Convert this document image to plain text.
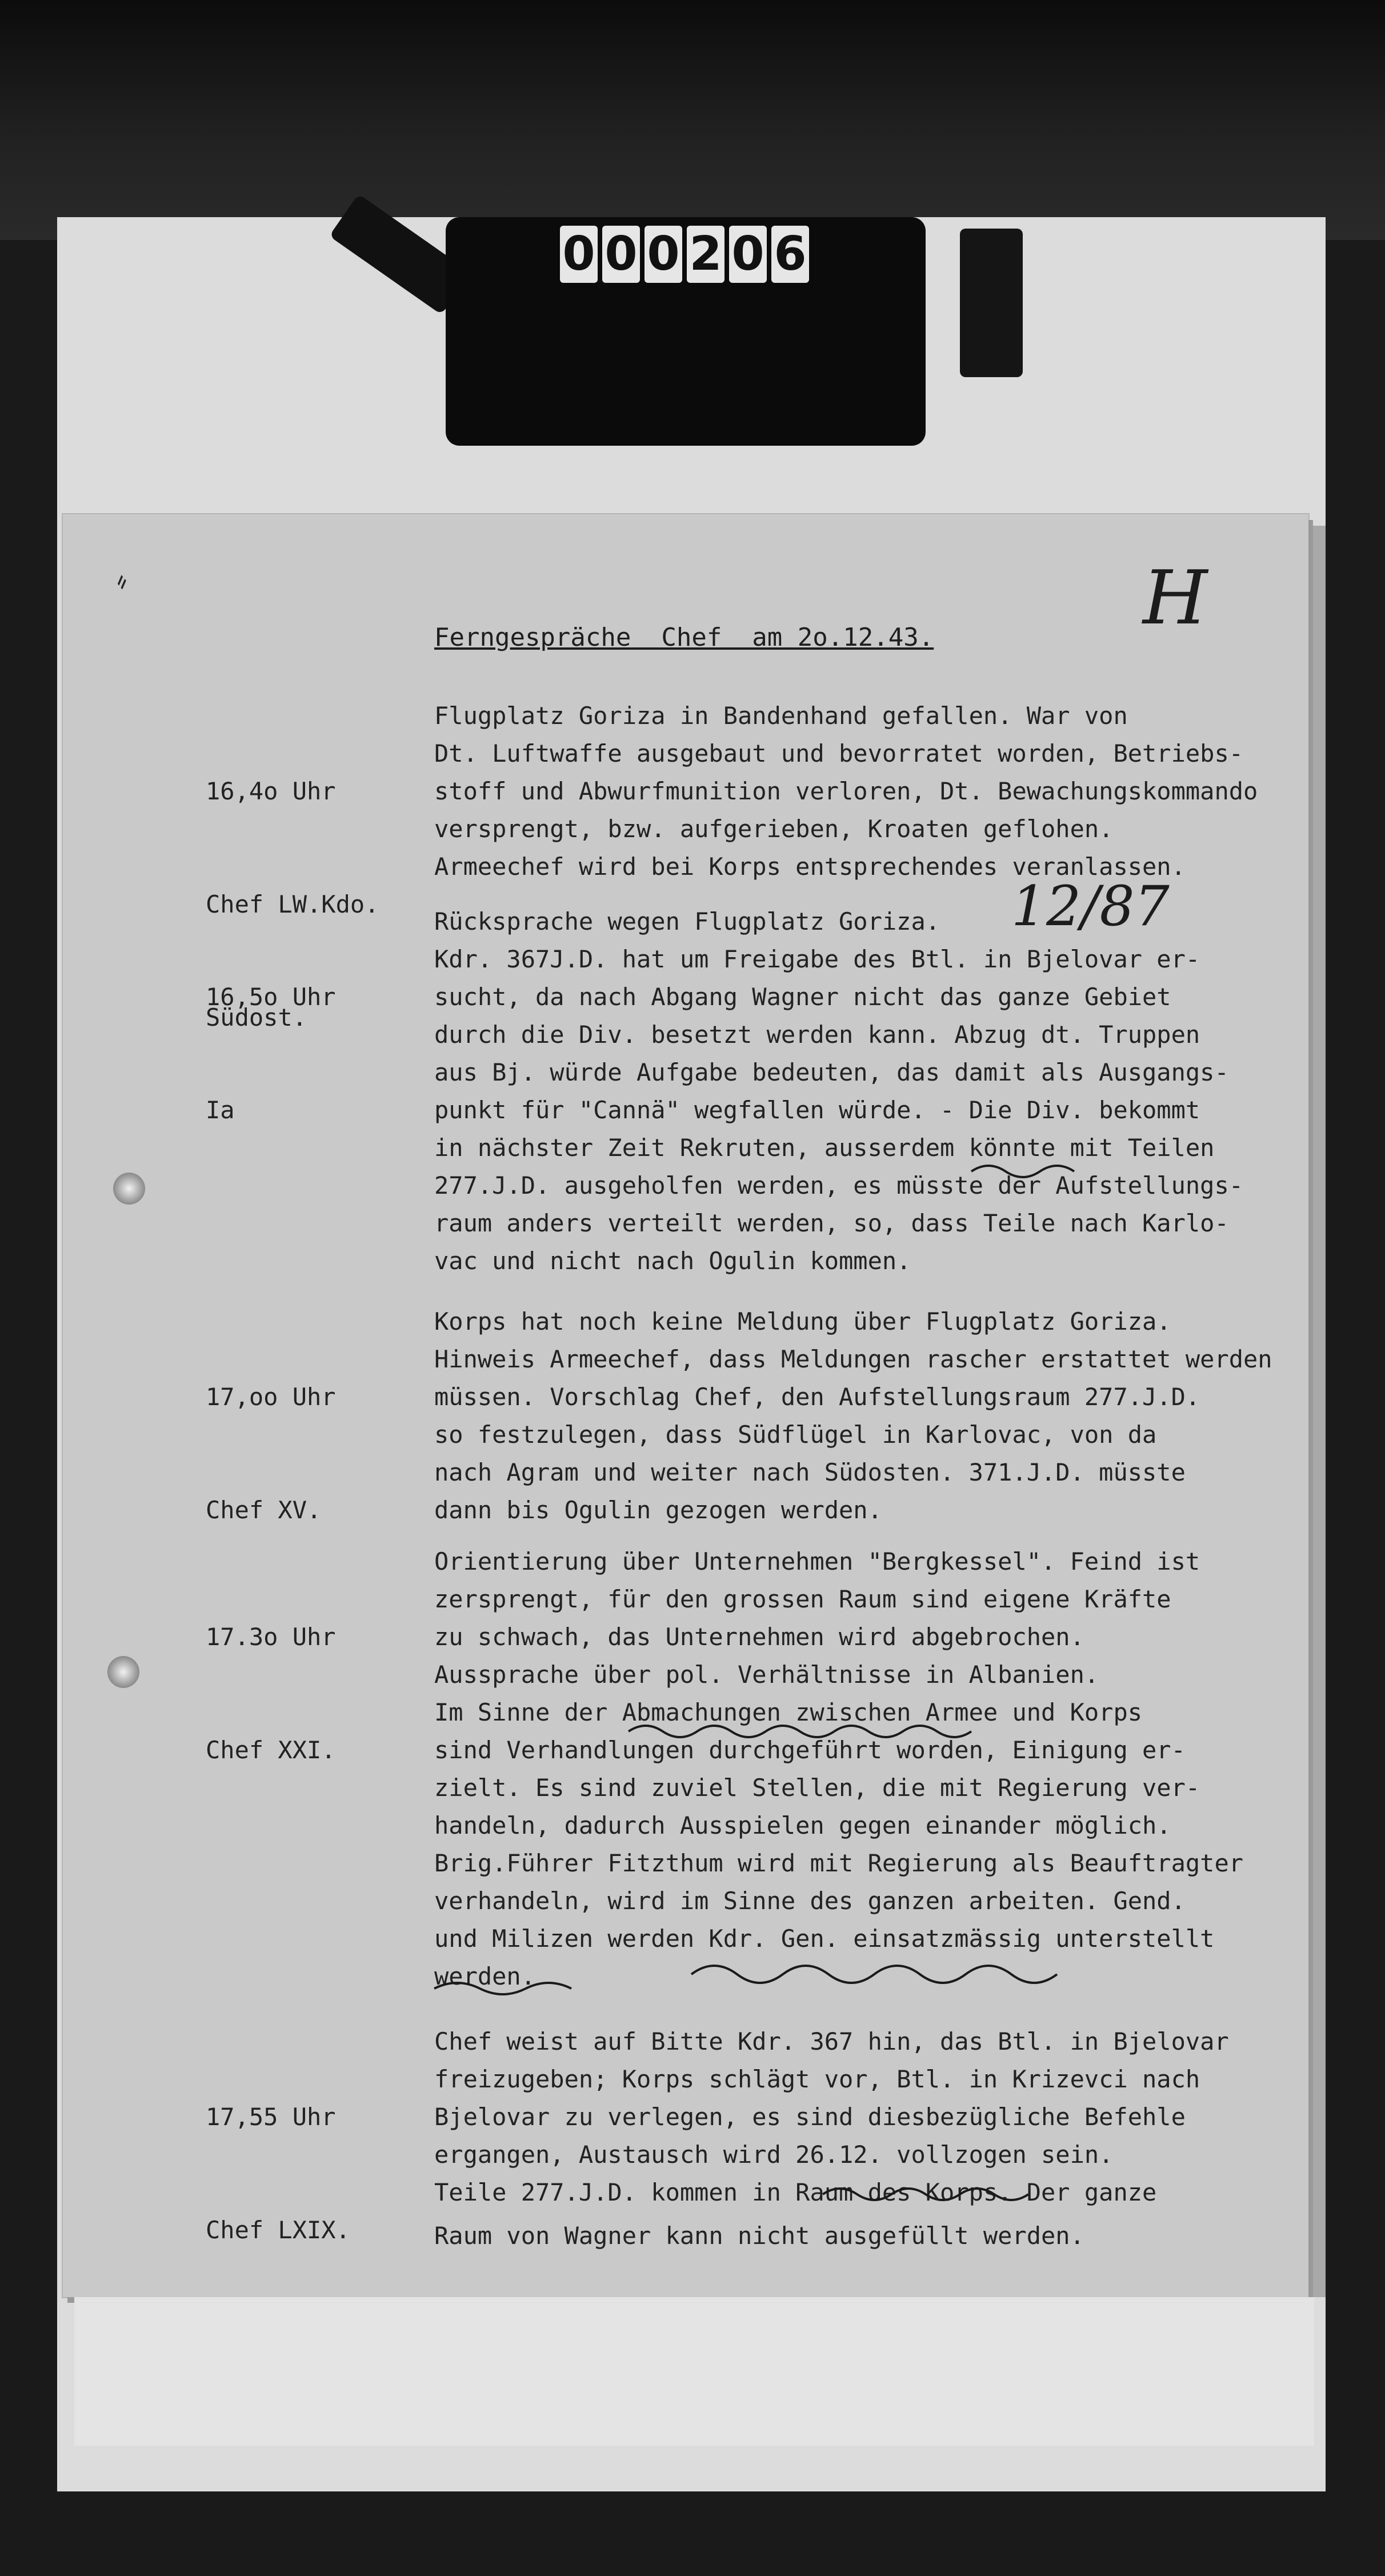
0 0 0 2 0 6
⸗	H
Ferngespräche  Chef  am 2o.12.43.
12/87

16,4o Uhr

Chef LW.Kdo.

Südost.

Flugplatz Goriza in Bandenhand gefallen. War von
Dt. Luftwaffe ausgebaut und bevorratet worden, Betriebs-
stoff und Abwurfmunition verloren, Dt. Bewachungskommando
versprengt, bzw. aufgerieben, Kroaten geflohen.
Armeechef wird bei Korps entsprechendes veranlassen.

16,5o Uhr

Ia

Rücksprache wegen Flugplatz Goriza.
Kdr. 367J.D. hat um Freigabe des Btl. in Bjelovar er-
sucht, da nach Abgang Wagner nicht das ganze Gebiet
durch die Div. besetzt werden kann. Abzug dt. Truppen
aus Bj. würde Aufgabe bedeuten, das damit als Ausgangs-
punkt für "Cannä" wegfallen würde. - Die Div. bekommt
in nächster Zeit Rekruten, ausserdem könnte mit Teilen
277.J.D. ausgeholfen werden, es müsste der Aufstellungs-
raum anders verteilt werden, so, dass Teile nach Karlo-
vac und nicht nach Ogulin kommen.

17,oo Uhr

Chef XV.

Korps hat noch keine Meldung über Flugplatz Goriza.
Hinweis Armeechef, dass Meldungen rascher erstattet werden
müssen. Vorschlag Chef, den Aufstellungsraum 277.J.D.
so festzulegen, dass Südflügel in Karlovac, von da
nach Agram und weiter nach Südosten. 371.J.D. müsste
dann bis Ogulin gezogen werden.

17.3o Uhr

Chef XXI.

Orientierung über Unternehmen "Bergkessel". Feind ist
zersprengt, für den grossen Raum sind eigene Kräfte
zu schwach, das Unternehmen wird abgebrochen.
Aussprache über pol. Verhältnisse in Albanien.
Im Sinne der Abmachungen zwischen Armee und Korps
sind Verhandlungen durchgeführt worden, Einigung er-
zielt. Es sind zuviel Stellen, die mit Regierung ver-
handeln, dadurch Ausspielen gegen einander möglich.
Brig.Führer Fitzthum wird mit Regierung als Beauftragter
verhandeln, wird im Sinne des ganzen arbeiten. Gend.
und Milizen werden Kdr. Gen. einsatzmässig unterstellt
werden.

17,55 Uhr

Chef LXIX.

Chef weist auf Bitte Kdr. 367 hin, das Btl. in Bjelovar
freizugeben; Korps schlägt vor, Btl. in Krizevci nach
Bjelovar zu verlegen, es sind diesbezügliche Befehle
ergangen, Austausch wird 26.12. vollzogen sein.
Teile 277.J.D. kommen in Raum des Korps. Der ganze
Raum von Wagner kann nicht ausgefüllt werden.
